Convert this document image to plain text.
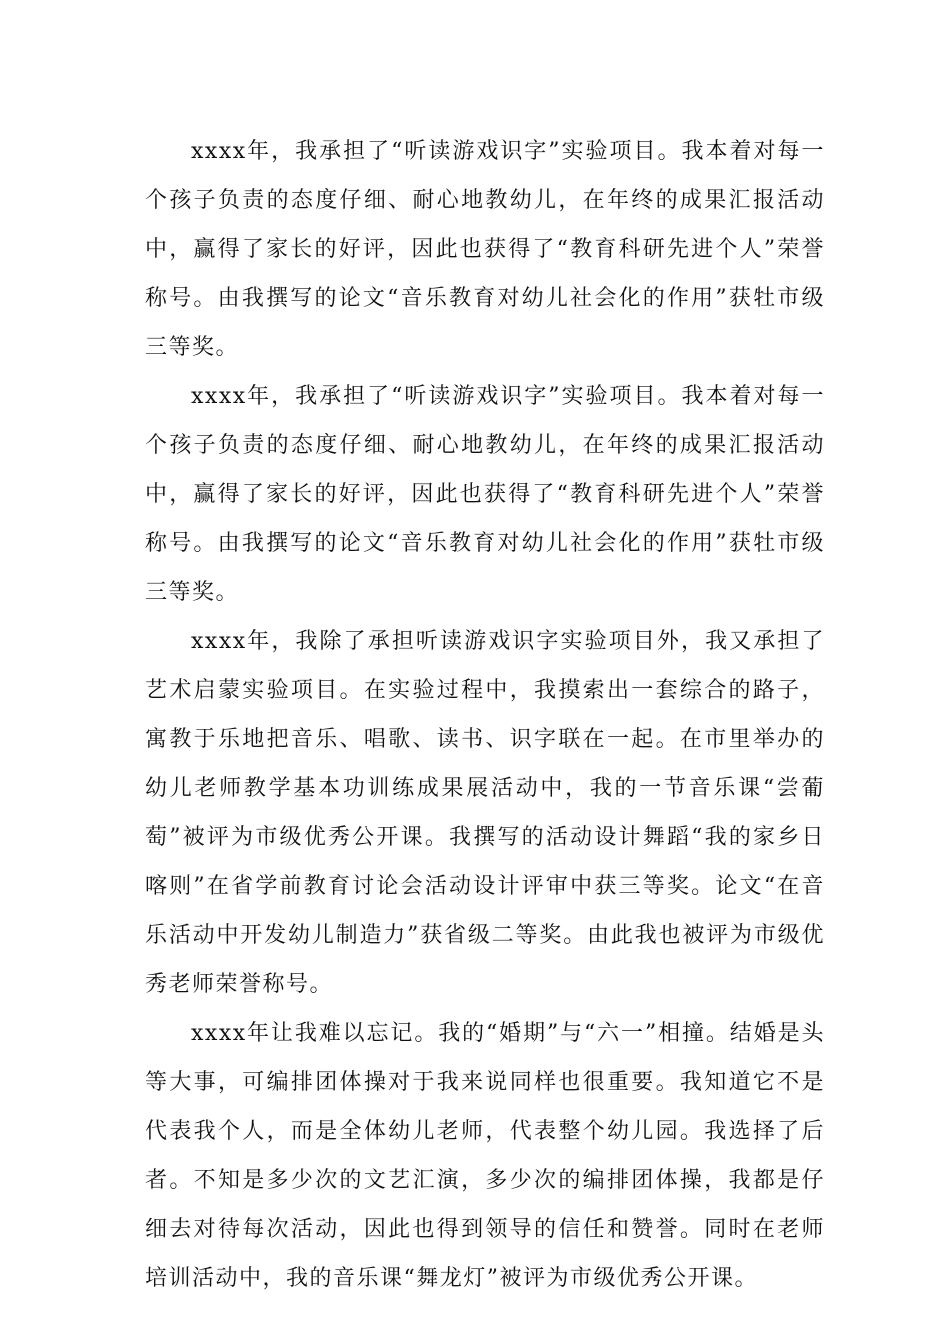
xxxx年，我承担了“听读游戏识字”实验项目。我本着对每一个孩子负责的态度仔细、耐心地教幼儿，在年终的成果汇报活动中，赢得了家长的好评，因此也获得了“教育科研先进个人”荣誉称号。由我撰写的论文“音乐教育对幼儿社会化的作用”获牡市级三等奖。

xxxx年，我承担了“听读游戏识字”实验项目。我本着对每一个孩子负责的态度仔细、耐心地教幼儿，在年终的成果汇报活动中，赢得了家长的好评，因此也获得了“教育科研先进个人”荣誉称号。由我撰写的论文“音乐教育对幼儿社会化的作用”获牡市级三等奖。

xxxx年，我除了承担听读游戏识字实验项目外，我又承担了艺术启蒙实验项目。在实验过程中，我摸索出一套综合的路子，寓教于乐地把音乐、唱歌、读书、识字联在一起。在市里举办的幼儿老师教学基本功训练成果展活动中，我的一节音乐课“尝葡萄”被评为市级优秀公开课。我撰写的活动设计舞蹈“我的家乡日喀则”在省学前教育讨论会活动设计评审中获三等奖。论文“在音乐活动中开发幼儿制造力”获省级二等奖。由此我也被评为市级优秀老师荣誉称号。

xxxx年让我难以忘记。我的“婚期”与“六一”相撞。结婚是头等大事，可编排团体操对于我来说同样也很重要。我知道它不是代表我个人，而是全体幼儿老师，代表整个幼儿园。我选择了后者。不知是多少次的文艺汇演，多少次的编排团体操，我都是仔细去对待每次活动，因此也得到领导的信任和赞誉。同时在老师培训活动中，我的音乐课“舞龙灯”被评为市级优秀公开课。
